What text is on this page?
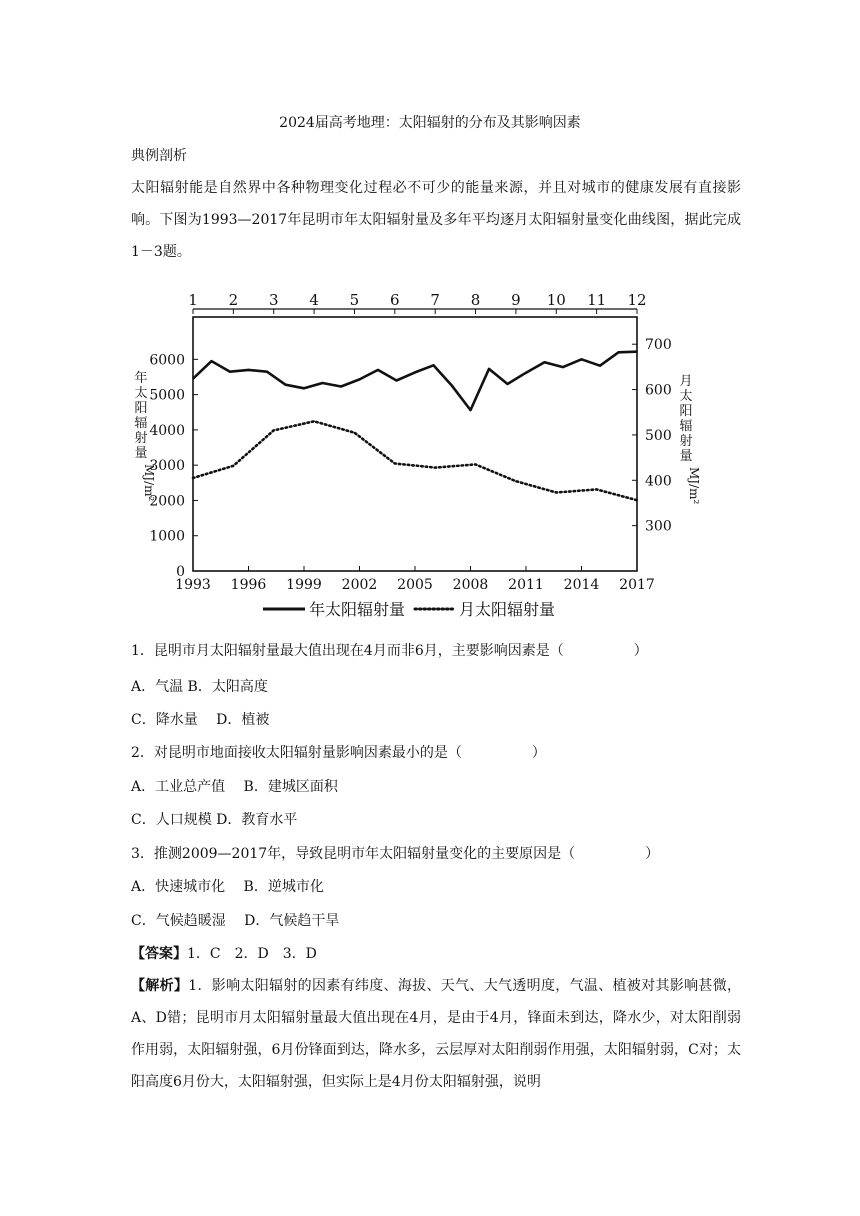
2024届高考地理：太阳辐射的分布及其影响因素
典例剖析
太阳辐射能是自然界中各种物理变化过程必不可少的能量来源，并且对城市的健康发展有直接影响。下图为1993—2017年昆明市年太阳辐射量及多年平均逐月太阳辐射量变化曲线图，据此完成1－3题。
1993 1996 1999 2002 2005 2008 2011 2014 2017
1 2 3 4 5 6 7 8 9 10 11 12
0
1000
2000
3000
4000
5000
6000
300
400
500
600
700
年
太
阳
辐
射
量
MJ/m²
月
太
阳
辐
射
量
MJ/m²
年太阳辐射量	月太阳辐射量
1．昆明市月太阳辐射量最大值出现在4月而非6月，主要影响因素是（　　　　　）
A．气温 B．太阳高度
C．降水量　 D．植被
2．对昆明市地面接收太阳辐射量影响因素最小的是（　　　　　）
A．工业总产值　 B．建城区面积
C．人口规模 D．教育水平
3．推测2009—2017年，导致昆明市年太阳辐射量变化的主要原因是（　　　　　）
A．快速城市化　 B．逆城市化
C．气候趋暖湿　 D．气候趋干旱
【答案】1．C　2．D　3．D
【解析】1．影响太阳辐射的因素有纬度、海拔、天气、大气透明度，气温、植被对其影响甚微，A、D错；昆明市月太阳辐射量最大值出现在4月，是由于4月，锋面未到达，降水少，对太阳削弱作用弱，太阳辐射强，6月份锋面到达，降水多，云层厚对太阳削弱作用强，太阳辐射弱，C对；太阳高度6月份大，太阳辐射强，但实际上是4月份太阳辐射强，说明
